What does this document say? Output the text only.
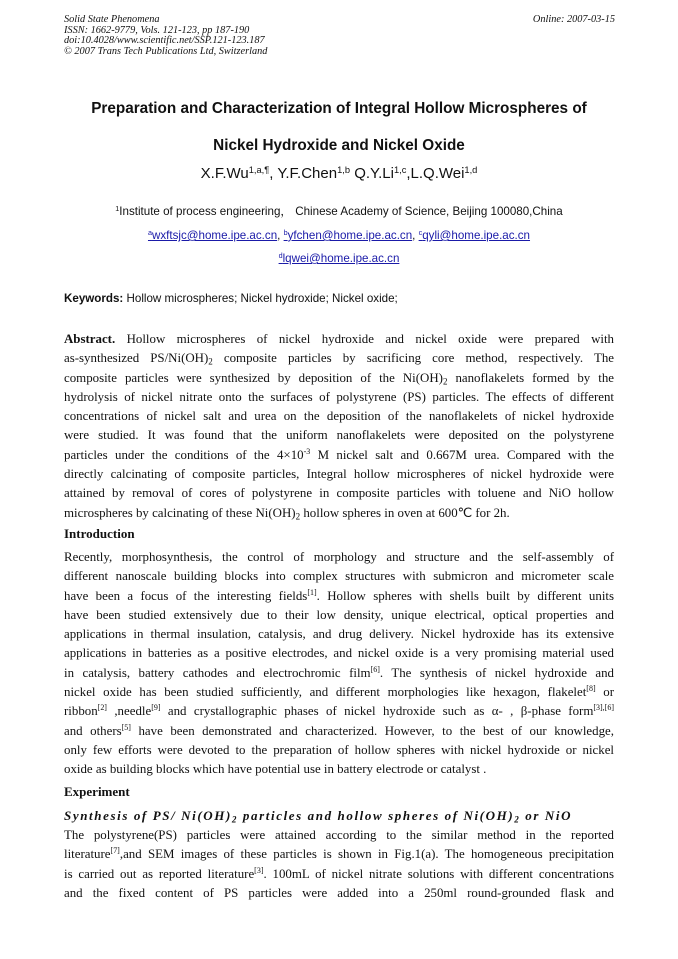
Solid State Phenomena
ISSN: 1662-9779, Vols. 121-123, pp 187-190
doi:10.4028/www.scientific.net/SSP.121-123.187
© 2007 Trans Tech Publications Ltd, Switzerland
Online: 2007-03-15
Preparation and Characterization of Integral Hollow Microspheres of
Nickel Hydroxide and Nickel Oxide
$X.F.Wu^{1,a,\P}$, Y.F.Chen$^{1,b}$ Q.Y.Li$^{1,c}$,L.Q.Wei$^{1,d}$
$^1$Institute of process engineering， Chinese Academy of Science, Beijing 100080,China
$^a$wxftsjc@home.ipe.ac.cn, $^b$yfchen@home.ipe.ac.cn, $^c$qyli@home.ipe.ac.cn
$^d$lqwei@home.ipe.ac.cn
Keywords: Hollow microspheres; Nickel hydroxide; Nickel oxide;
Abstract. Hollow microspheres of nickel hydroxide and nickel oxide were prepared with
as-synthesized $PS/Ni(OH)_2$ composite particles by sacrificing core method, respectively. The
composite particles were synthesized by deposition of the $Ni(OH)_2$ nanoflakelets formed by the
hydrolysis of nickel nitrate onto the surfaces of polystyrene (PS) particles. The effects of different
concentrations of nickel salt and urea on the deposition of the nanoflakelets of nickel hydroxide
were studied. It was found that the uniform nanoflakelets were deposited on the polystyrene
particles under the conditions of the $4\times 10^{-3}$ M nickel salt and 0.667M urea. Compared with the
directly calcinating of composite particles, Integral hollow microspheres of nickel hydroxide were
attained by removal of cores of polystyrene in composite particles with toluene and NiO hollow
microspheres by calcinating of these $Ni(OH)_2$ hollow spheres in oven at 600℃ for 2h.
Introduction
Recently, morphosynthesis, the control of morphology and structure and the self-assembly of
different nanoscale building blocks into complex structures with submicron and micrometer scale
have been a focus of the interesting fields[1]. Hollow spheres with shells built by different units
have been studied extensively due to their low density, unique electrical, optical properties and
applications in thermal insulation, catalysis, and drug delivery. Nickel hydroxide has its extensive
applications in batteries as a positive electrodes, and nickel oxide is a very promising material used
in catalysis, battery cathodes and electrochromic film[6]. The synthesis of nickel hydroxide and
nickel oxide has been studied sufficiently, and different morphologies like hexagon, flakelet[8] or
ribbon[2] ,needle[9] and crystallographic phases of nickel hydroxide such as α- , β-phase form[3],[6]
and others[5] have been demonstrated and characterized. However, to the best of our knowledge,
only few efforts were devoted to the preparation of hollow spheres with nickel hydroxide or nickel
oxide as building blocks which have potential use in battery electrode or catalyst .
Experiment
Synthesis of PS/ $Ni(OH)_2$ particles and hollow spheres of $Ni(OH)_2$ or NiO
The polystyrene(PS) particles were attained according to the similar method in the reported
literature[7],and SEM images of these particles is shown in Fig.1(a). The homogeneous precipitation
is carried out as reported literature[3]. 100mL of nickel nitrate solutions with different concentrations
and the fixed content of PS particles were added into a 250ml round-grounded flask and
